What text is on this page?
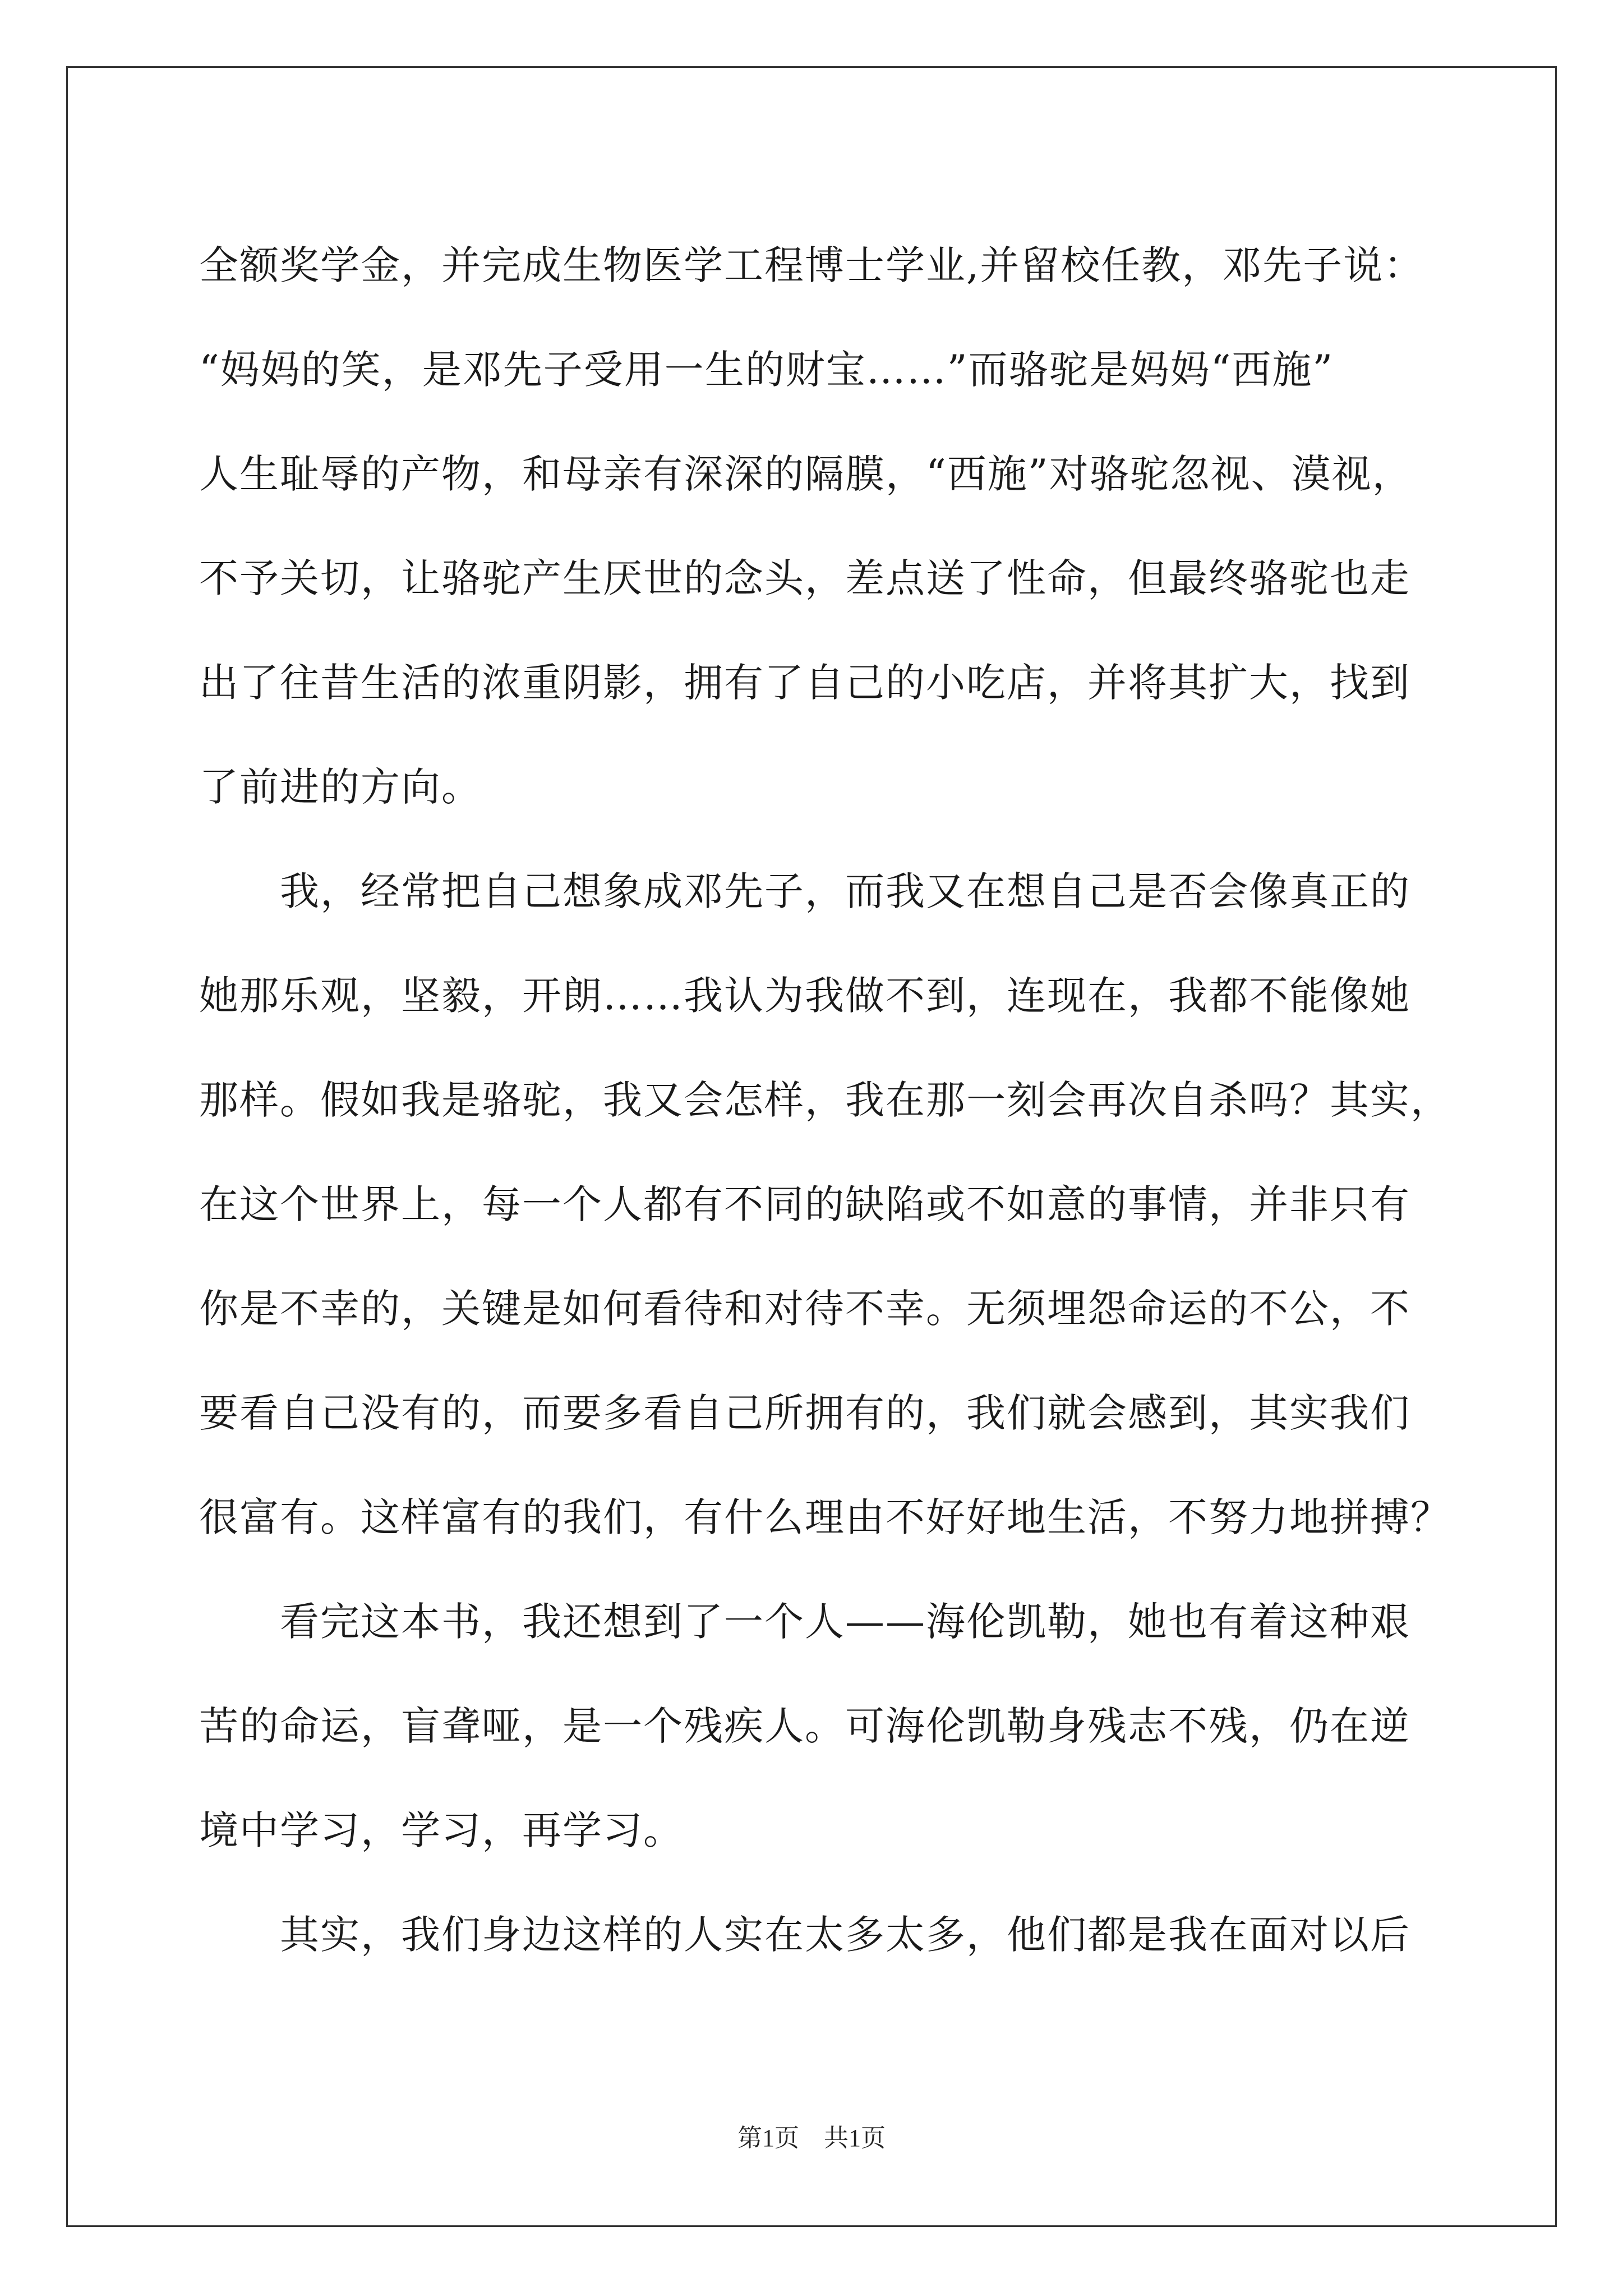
全额奖学金，并完成生物医学工程博士学业,并留校任教，邓先子说：
“妈妈的笑，是邓先子受用一生的财宝……”而骆驼是妈妈“西施”
人生耻辱的产物，和母亲有深深的隔膜，“西施”对骆驼忽视、漠视，
不予关切，让骆驼产生厌世的念头，差点送了性命，但最终骆驼也走
出了往昔生活的浓重阴影，拥有了自己的小吃店，并将其扩大，找到
了前进的方向。
　　我，经常把自己想象成邓先子，而我又在想自己是否会像真正的
她那乐观，坚毅，开朗……我认为我做不到，连现在，我都不能像她
那样。假如我是骆驼，我又会怎样，我在那一刻会再次自杀吗？其实，
在这个世界上，每一个人都有不同的缺陷或不如意的事情，并非只有
你是不幸的，关键是如何看待和对待不幸。无须埋怨命运的不公，不
要看自己没有的，而要多看自己所拥有的，我们就会感到，其实我们
很富有。这样富有的我们，有什么理由不好好地生活，不努力地拼搏？
　　看完这本书，我还想到了一个人——海伦凯勒，她也有着这种艰
苦的命运，盲聋哑，是一个残疾人。可海伦凯勒身残志不残，仍在逆
境中学习，学习，再学习。
　　其实，我们身边这样的人实在太多太多，他们都是我在面对以后
第1页　共1页
